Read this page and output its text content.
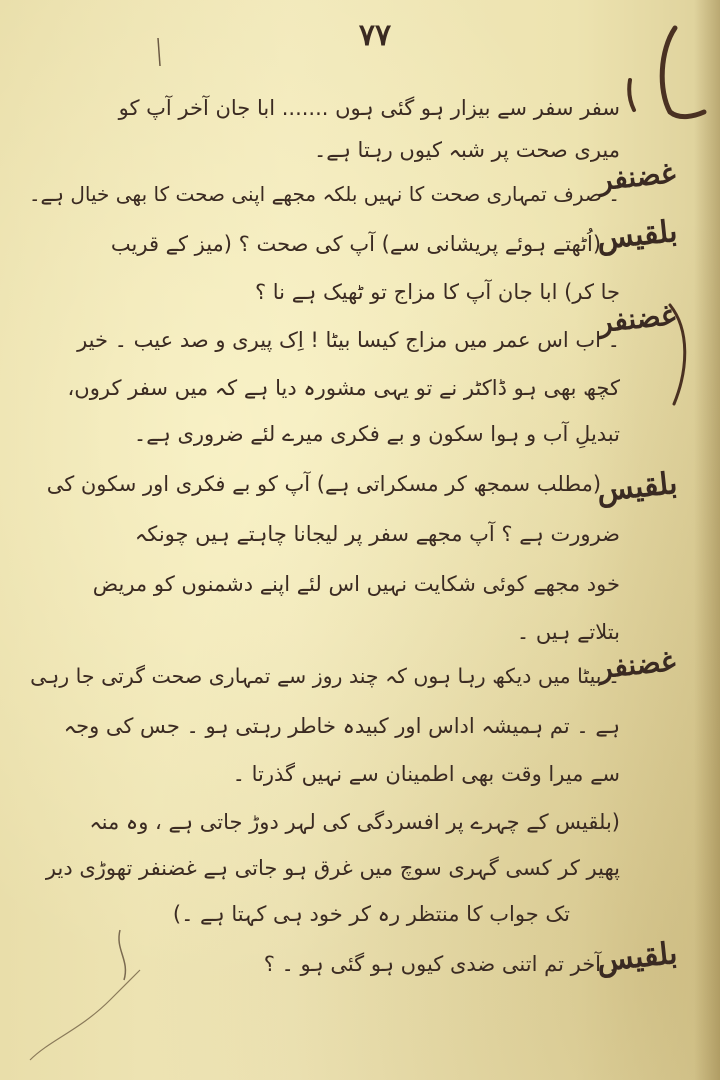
۷۷
غضنفر
بلقیس
غضنفر
بلقیس
غضنفر
بلقیس
سفر سفر سے بیزار ہو گئی ہوں ....... ابا جان آخر آپ کو
میری صحت پر شبہ کیوں رہتا ہے۔
۔ صرف تمہاری صحت کا نہیں بلکہ مجھے اپنی صحت کا بھی خیال ہے۔
۔ (اُٹھتے ہوئے پریشانی سے) آپ کی صحت ؟ (میز کے قریب
جا کر) ابا جان آپ کا مزاج تو ٹھیک ہے نا ؟
۔ اب اس عمر میں مزاج کیسا بیٹا ! اِک پیری و صد عیب ۔ خیر
کچھ بھی ہو ڈاکٹر نے تو یہی مشورہ دیا ہے کہ میں سفر کروں،
تبدیلِ آب و ہوا سکون و بے فکری میرے لئے ضروری ہے۔
۔ (مطلب سمجھ کر مسکراتی ہے) آپ کو بے فکری اور سکون کی
ضرورت ہے ؟ آپ مجھے سفر پر لیجانا چاہتے ہیں چونکہ
خود مجھے کوئی شکایت نہیں اس لئے اپنے دشمنوں کو مریض
بتلاتے ہیں ۔
۔ بیٹا میں دیکھ رہا ہوں کہ چند روز سے تمہاری صحت گرتی جا رہی
ہے ۔ تم ہمیشہ اداس اور کبیدہ خاطر رہتی ہو ۔ جس کی وجہ
سے میرا وقت بھی اطمینان سے نہیں گذرتا ۔
(بلقیس کے چہرے پر افسردگی کی لہر دوڑ جاتی ہے ، وہ منہ
پھیر کر کسی گہری سوچ میں غرق ہو جاتی ہے غضنفر تھوڑی دیر
تک جواب کا منتظر رہ کر خود ہی کہتا ہے ۔)
۔ آخر تم اتنی ضدی کیوں ہو گئی ہو ۔ ؟
